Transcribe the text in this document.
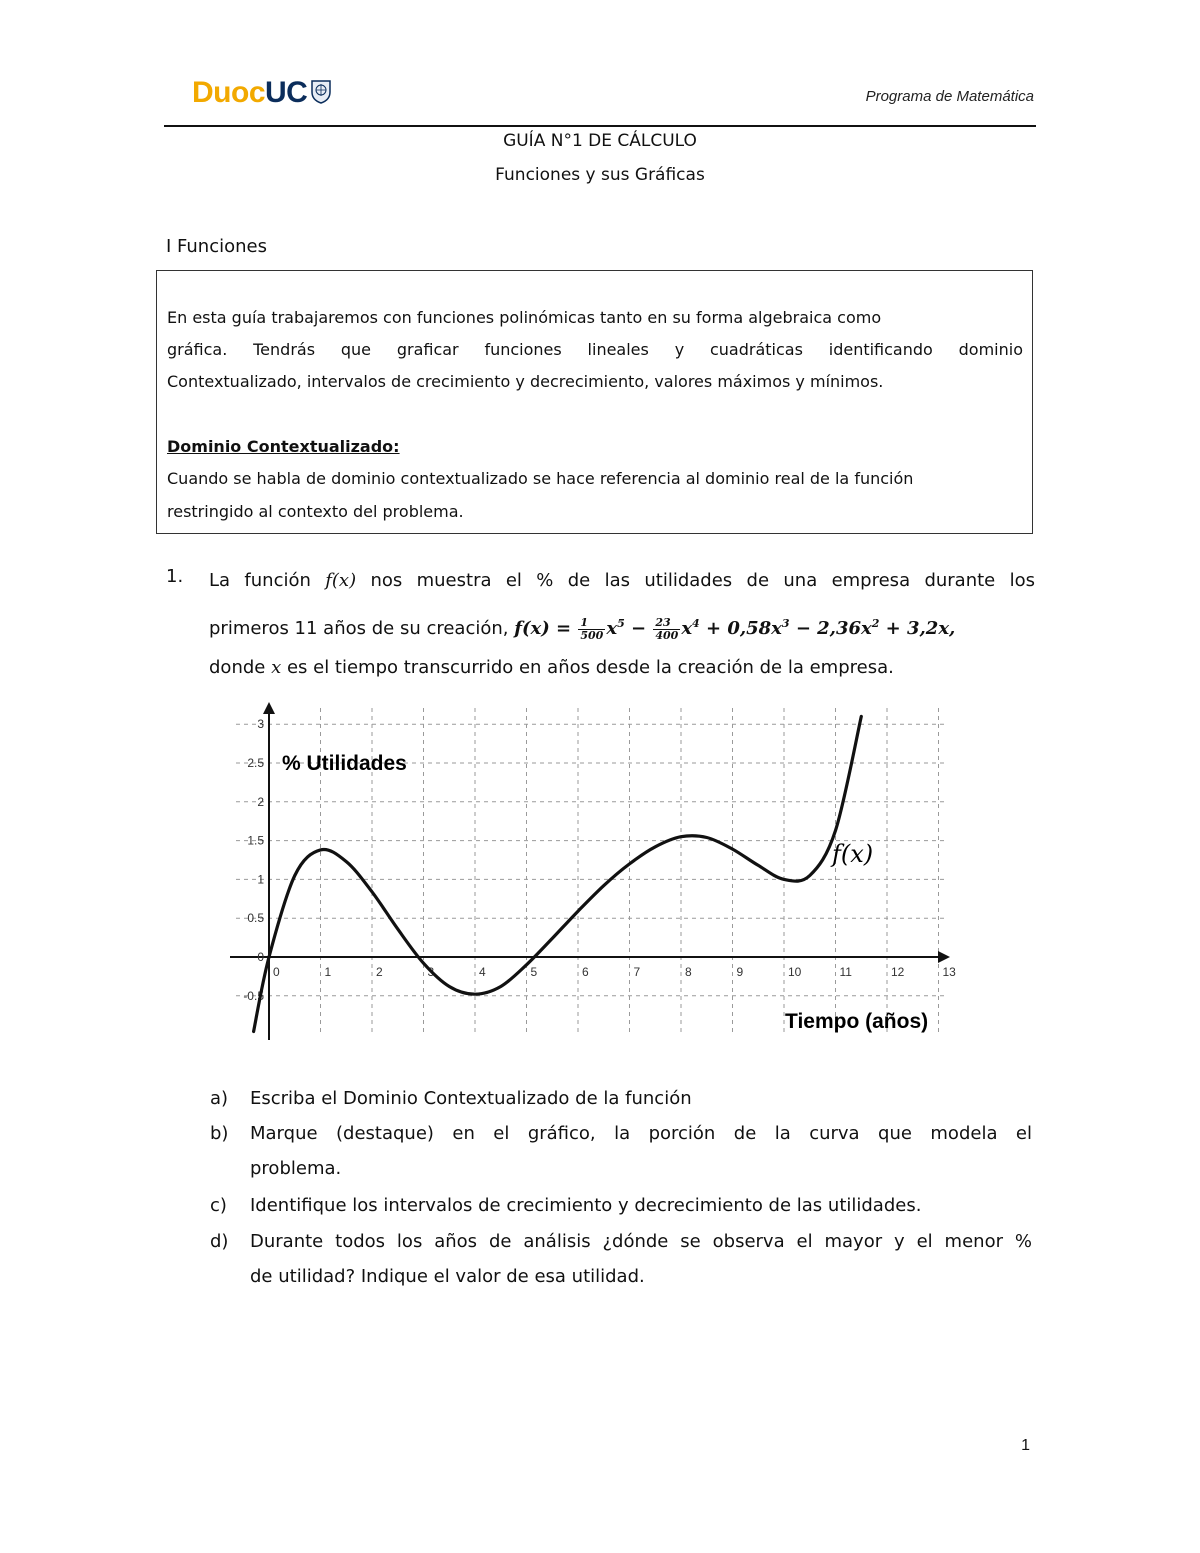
DuocUC	Programa de Matemática
GUÍA N°1 DE CÁLCULO
Funciones y sus Gráficas
I Funciones
En esta guía trabajaremos con funciones polinómicas tanto en su forma algebraica como
gráfica. Tendrás que graficar funciones lineales y cuadráticas identificando dominio
Contextualizado, intervalos de crecimiento y decrecimiento, valores máximos y mínimos.
Dominio Contextualizado:
Cuando se habla de dominio contextualizado se hace referencia al dominio real de la función
restringido al contexto del problema.
1. La función f(x) nos muestra el % de las utilidades de una empresa durante los
primeros 11 años de su creación, $f(x) = \frac{1}{500} x^5 - \frac{23}{400} x^4 + 0,58x^3 - 2,36x^2 + 3,2x$,
donde x es el tiempo transcurrido en años desde la creación de la empresa.
0	1	2	3	4	5	6	7	8	9	10	11	12	13
-0.5
0
0.5
1
1.5
2
2.5
3
% Utilidades
Tiempo (años)
f(x)
a) Escriba el Dominio Contextualizado de la función
b) Marque (destaque) en el gráfico, la porción de la curva que modela el
problema.
c) Identifique los intervalos de crecimiento y decrecimiento de las utilidades.
d) Durante todos los años de análisis ¿dónde se observa el mayor y el menor %
de utilidad? Indique el valor de esa utilidad.
1
